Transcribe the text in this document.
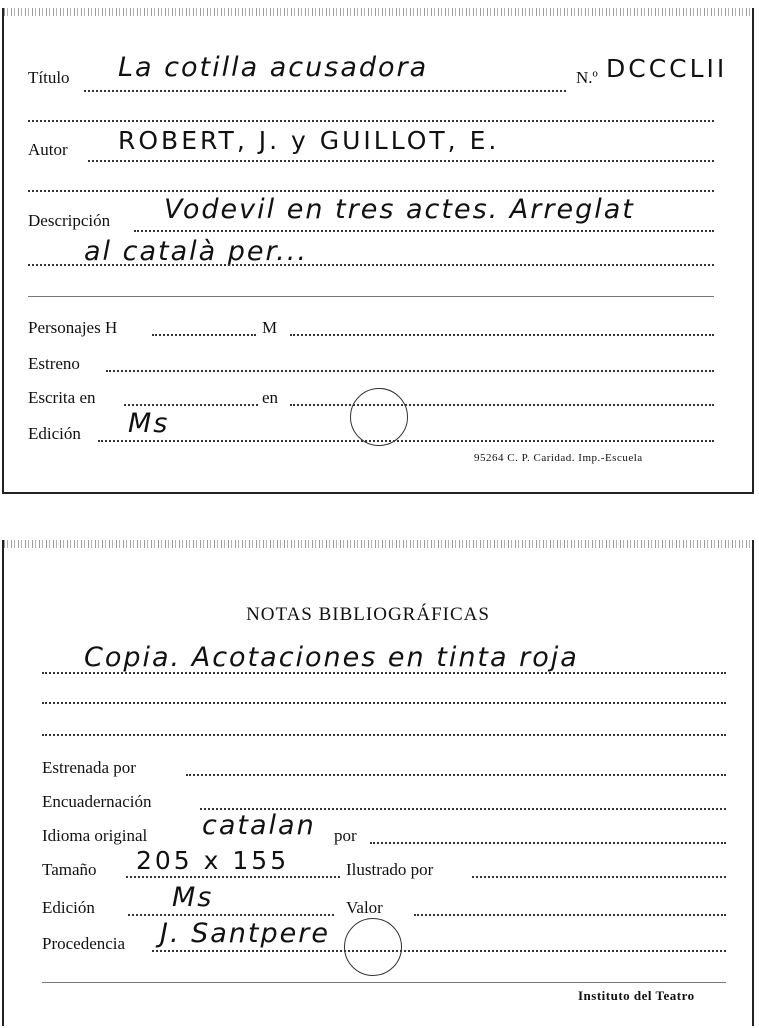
Título La cotilla acusadora	N.º DCCCLII
Autor ROBERT, J. y GUILLOT, E.
Descripción Vodevil en tres actes. Arreglat
al català per...
Personajes H	M
Estreno
Escrita en	en
Edición Ms
95264 C. P. Caridad. Imp.-Escuela
NOTAS BIBLIOGRÁFICAS
Copia. Acotaciones en tinta roja
Estrenada por
Encuadernación
Idioma original catalan por
Tamaño 205 x 155	Ilustrado por
Edición	Ms	Valor
Procedencia J. Santpere
Instituto del Teatro
